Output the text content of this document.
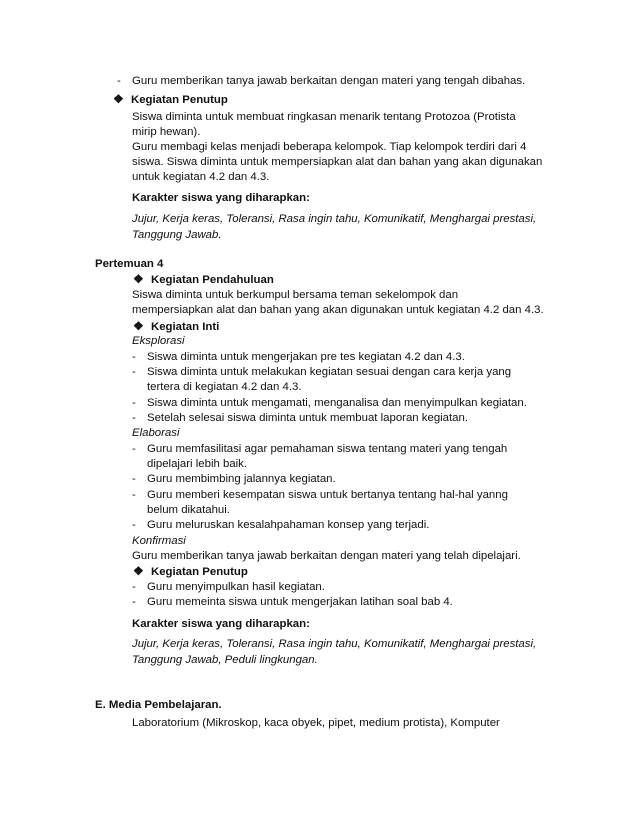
- Guru memberikan tanya jawab berkaitan dengan materi yang tengah dibahas.
❖ Kegiatan Penutup
Siswa diminta untuk membuat ringkasan menarik tentang Protozoa (Protista
mirip hewan).
Guru membagi kelas menjadi beberapa kelompok. Tiap kelompok terdiri dari 4
siswa. Siswa diminta untuk mempersiapkan alat dan bahan yang akan digunakan
untuk kegiatan 4.2 dan 4.3.
Karakter siswa yang diharapkan:
Jujur, Kerja keras, Toleransi, Rasa ingin tahu, Komunikatif, Menghargai prestasi,
Tanggung Jawab.
Pertemuan 4
❖ Kegiatan Pendahuluan
Siswa diminta untuk berkumpul bersama teman sekelompok dan
mempersiapkan alat dan bahan yang akan digunakan untuk kegiatan 4.2 dan 4.3.
❖ Kegiatan Inti
Eksplorasi
- Siswa diminta untuk mengerjakan pre tes kegiatan 4.2 dan 4.3.
- Siswa diminta untuk melakukan kegiatan sesuai dengan cara kerja yang
tertera di kegiatan 4.2 dan 4.3.
- Siswa diminta untuk mengamati, menganalisa dan menyimpulkan kegiatan.
- Setelah selesai siswa diminta untuk membuat laporan kegiatan.
Elaborasi
- Guru memfasilitasi agar pemahaman siswa tentang materi yang tengah
dipelajari lebih baik.
- Guru membimbing jalannya kegiatan.
- Guru memberi kesempatan siswa untuk bertanya tentang hal-hal yanng
belum dikatahui.
- Guru meluruskan kesalahpahaman konsep yang terjadi.
Konfirmasi
Guru memberikan tanya jawab berkaitan dengan materi yang telah dipelajari.
❖ Kegiatan Penutup
- Guru menyimpulkan hasil kegiatan.
- Guru memeinta siswa untuk mengerjakan latihan soal bab 4.
Karakter siswa yang diharapkan:
Jujur, Kerja keras, Toleransi, Rasa ingin tahu, Komunikatif, Menghargai prestasi,
Tanggung Jawab, Peduli lingkungan.
E. Media Pembelajaran.
Laboratorium (Mikroskop, kaca obyek, pipet, medium protista), Komputer
